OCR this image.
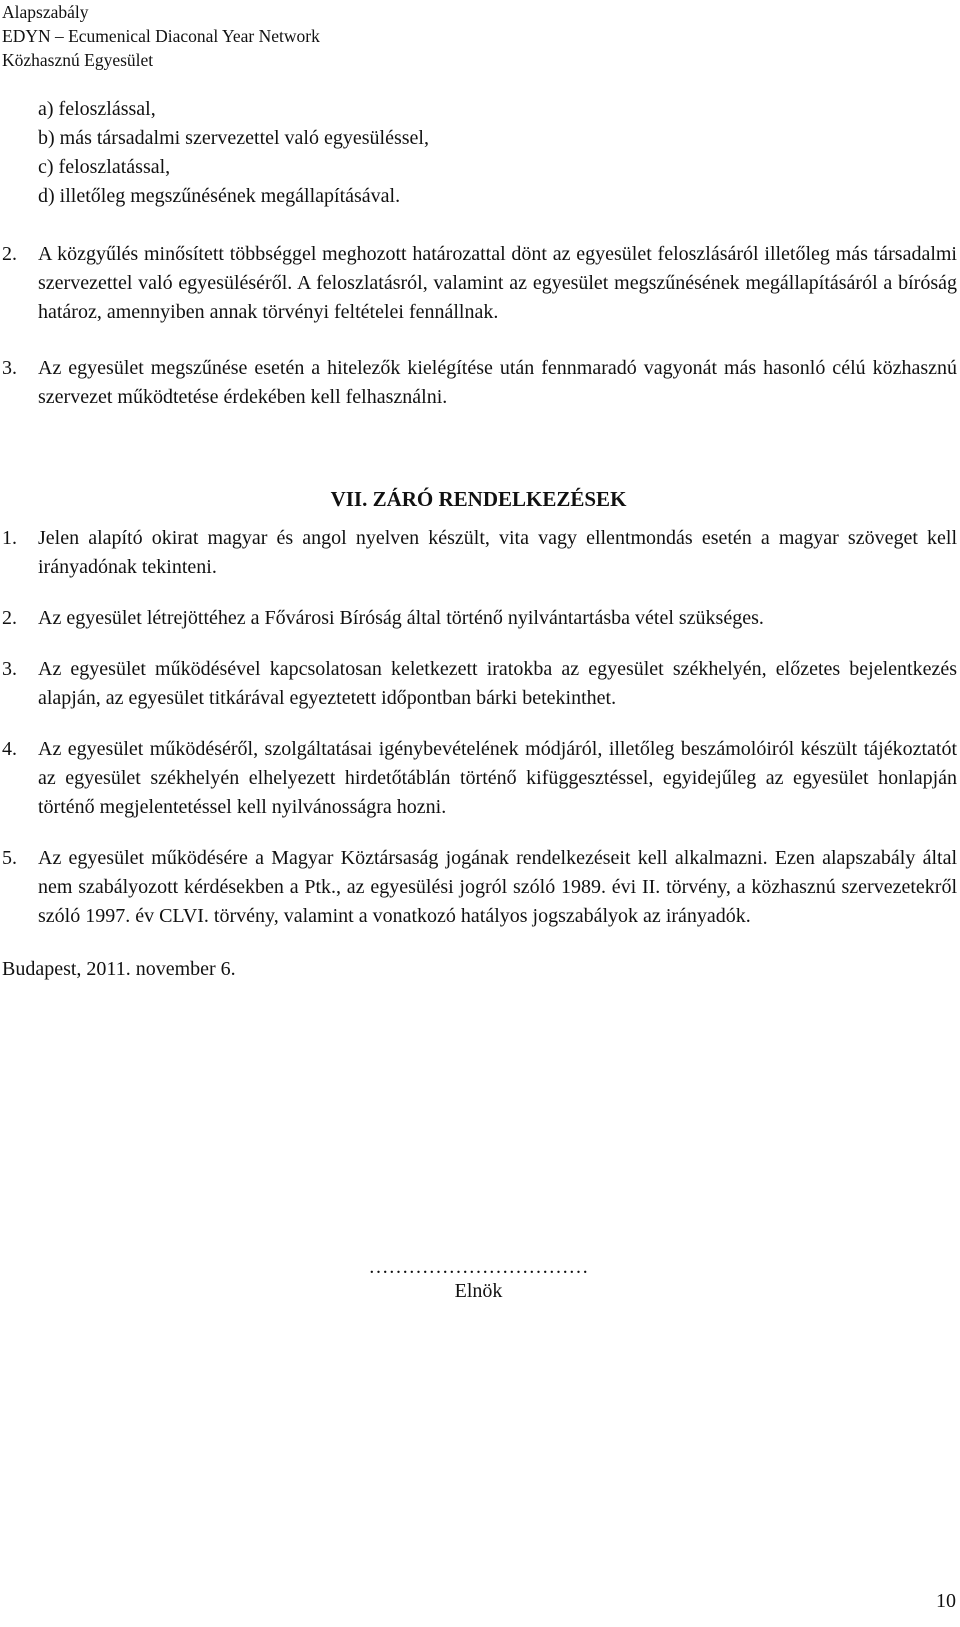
Alapszabály
EDYN – Ecumenical Diaconal Year Network
Közhasznú Egyesület
a) feloszlással,
b) más társadalmi szervezettel való egyesüléssel,
c) feloszlatással,
d) illetőleg megszűnésének megállapításával.
2.	A közgyűlés minősített többséggel meghozott határozattal dönt az egyesület feloszlásáról illetőleg más társadalmi szervezettel való egyesüléséről. A feloszlatásról, valamint az egyesület megszűnésének megállapításáról a bíróság határoz, amennyiben annak törvényi feltételei fennállnak.
3.	Az egyesület megszűnése esetén a hitelezők kielégítése után fennmaradó vagyonát más hasonló célú közhasznú szervezet működtetése érdekében kell felhasználni.
VII. ZÁRÓ RENDELKEZÉSEK
1.	Jelen alapító okirat magyar és angol nyelven készült, vita vagy ellentmondás esetén a magyar szöveget kell irányadónak tekinteni.
2.	Az egyesület létrejöttéhez a Fővárosi Bíróság által történő nyilvántartásba vétel szükséges.
3.	Az egyesület működésével kapcsolatosan keletkezett iratokba az egyesület székhelyén, előzetes bejelentkezés alapján, az egyesület titkárával egyeztetett időpontban bárki betekinthet.
4.	Az egyesület működéséről, szolgáltatásai igénybevételének módjáról, illetőleg beszámolóiról készült tájékoztatót az egyesület székhelyén elhelyezett hirdetőtáblán történő kifüggesztéssel, egyidejűleg az egyesület honlapján történő megjelentetéssel kell nyilvánosságra hozni.
5.	Az egyesület működésére a Magyar Köztársaság jogának rendelkezéseit kell alkalmazni. Ezen alapszabály által nem szabályozott kérdésekben a Ptk., az egyesülési jogról szóló 1989. évi II. törvény, a közhasznú szervezetekről szóló 1997. év CLVI. törvény, valamint a vonatkozó hatályos jogszabályok az irányadók.
Budapest, 2011. november 6.
……………………………
Elnök
10
